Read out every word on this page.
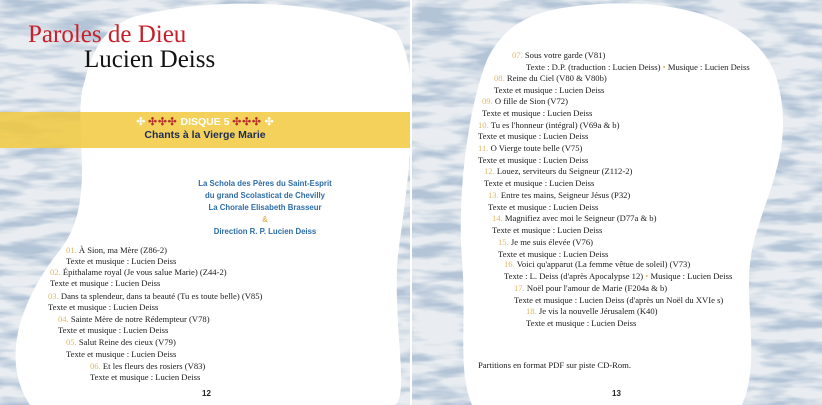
Paroles de Dieu
Lucien Deiss
✣ ✣✣✣ DISQUE 5 ✣✣✣ ✣
Chants à la Vierge Marie
La Schola des Pères du Saint-Esprit
du grand Scolasticat de Chevilly
La Chorale Elisabeth Brasseur
&
Direction R. P. Lucien Deiss
01. À Sion, ma Mère (Z86-2)
Texte et musique : Lucien Deiss
02. Épithalame royal (Je vous salue Marie) (Z44-2)
Texte et musique : Lucien Deiss
03. Dans ta splendeur, dans ta beauté (Tu es toute belle) (V85)
Texte et musique : Lucien Deiss
04. Sainte Mère de notre Rédempteur (V78)
Texte et musique : Lucien Deiss
05. Salut Reine des cieux (V79)
Texte et musique : Lucien Deiss
06. Et les fleurs des rosiers (V83)
Texte et musique : Lucien Deiss
12
07. Sous votre garde (V81)
Texte : D.P. (traduction : Lucien Deiss) • Musique : Lucien Deiss
08. Reine du Ciel (V80 & V80b)
Texte et musique : Lucien Deiss
09. O fille de Sion (V72)
Texte et musique : Lucien Deiss
10. Tu es l'honneur (intégral) (V69a & b)
Texte et musique : Lucien Deiss
11. O Vierge toute belle (V75)
Texte et musique : Lucien Deiss
12. Louez, serviteurs du Seigneur (Z112-2)
Texte et musique : Lucien Deiss
13. Entre tes mains, Seigneur Jésus (P32)
Texte et musique : Lucien Deiss
14. Magnifiez avec moi le Seigneur (D77a & b)
Texte et musique : Lucien Deiss
15. Je me suis élevée (V76)
Texte et musique : Lucien Deiss
16. Voici qu'apparut (La femme vêtue de soleil) (V73)
Texte : L. Deiss (d'après Apocalypse 12) • Musique : Lucien Deiss
17. Noël pour l'amour de Marie (F204a & b)
Texte et musique : Lucien Deiss (d'après un Noël du XVIe s)
18. Je vis la nouvelle Jérusalem (K40)
Texte et musique : Lucien Deiss
Partitions en format PDF sur piste CD-Rom.
13
